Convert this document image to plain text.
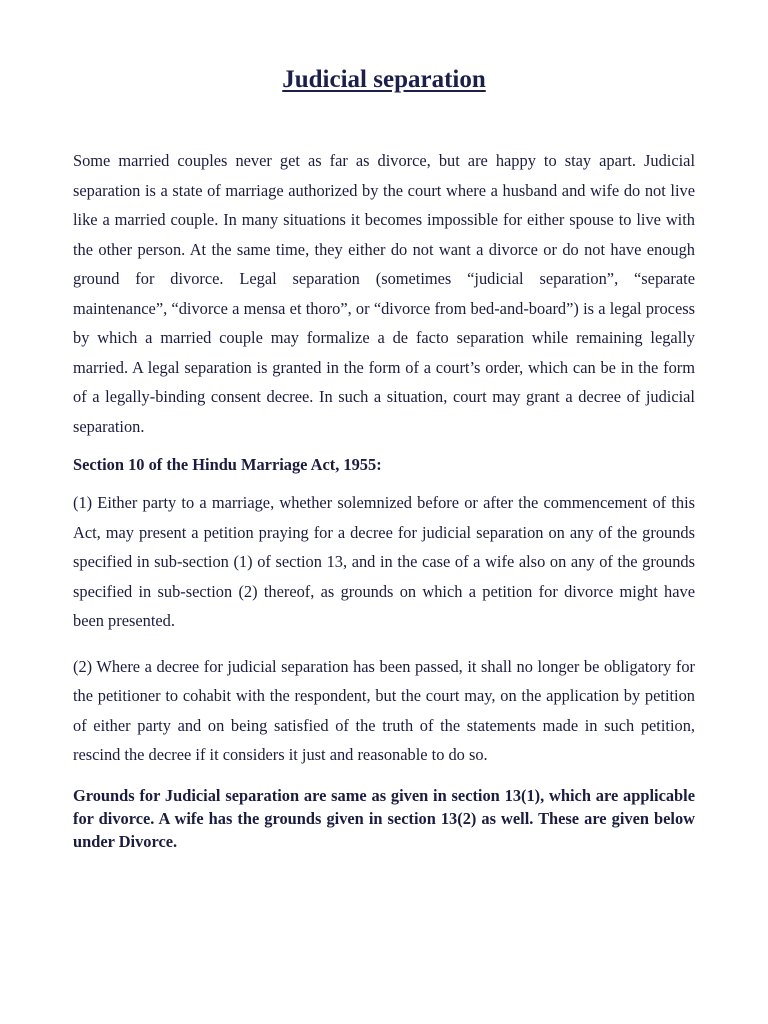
Judicial separation

Some married couples never get as far as divorce, but are happy to stay apart. Judicial separation is a state of marriage authorized by the court where a husband and wife do not live like a married couple. In many situations it becomes impossible for either spouse to live with the other person. At the same time, they either do not want a divorce or do not have enough ground for divorce. Legal separation (sometimes “judicial separation”, “separate maintenance”, “divorce a mensa et thoro”, or “divorce from bed-and-board”) is a legal process by which a married couple may formalize a de facto separation while remaining legally married. A legal separation is granted in the form of a court’s order, which can be in the form of a legally-binding consent decree. In such a situation, court may grant a decree of judicial separation.

Section 10 of the Hindu Marriage Act, 1955:

(1) Either party to a marriage, whether solemnized before or after the commencement of this Act, may present a petition praying for a decree for judicial separation on any of the grounds specified in sub-section (1) of section 13, and in the case of a wife also on any of the grounds specified in sub-section (2) thereof, as grounds on which a petition for divorce might have been presented.

(2) Where a decree for judicial separation has been passed, it shall no longer be obligatory for the petitioner to cohabit with the respondent, but the court may, on the application by petition of either party and on being satisfied of the truth of the statements made in such petition, rescind the decree if it considers it just and reasonable to do so.

Grounds for Judicial separation are same as given in section 13(1), which are applicable for divorce. A wife has the grounds given in section 13(2) as well. These are given below under Divorce.
